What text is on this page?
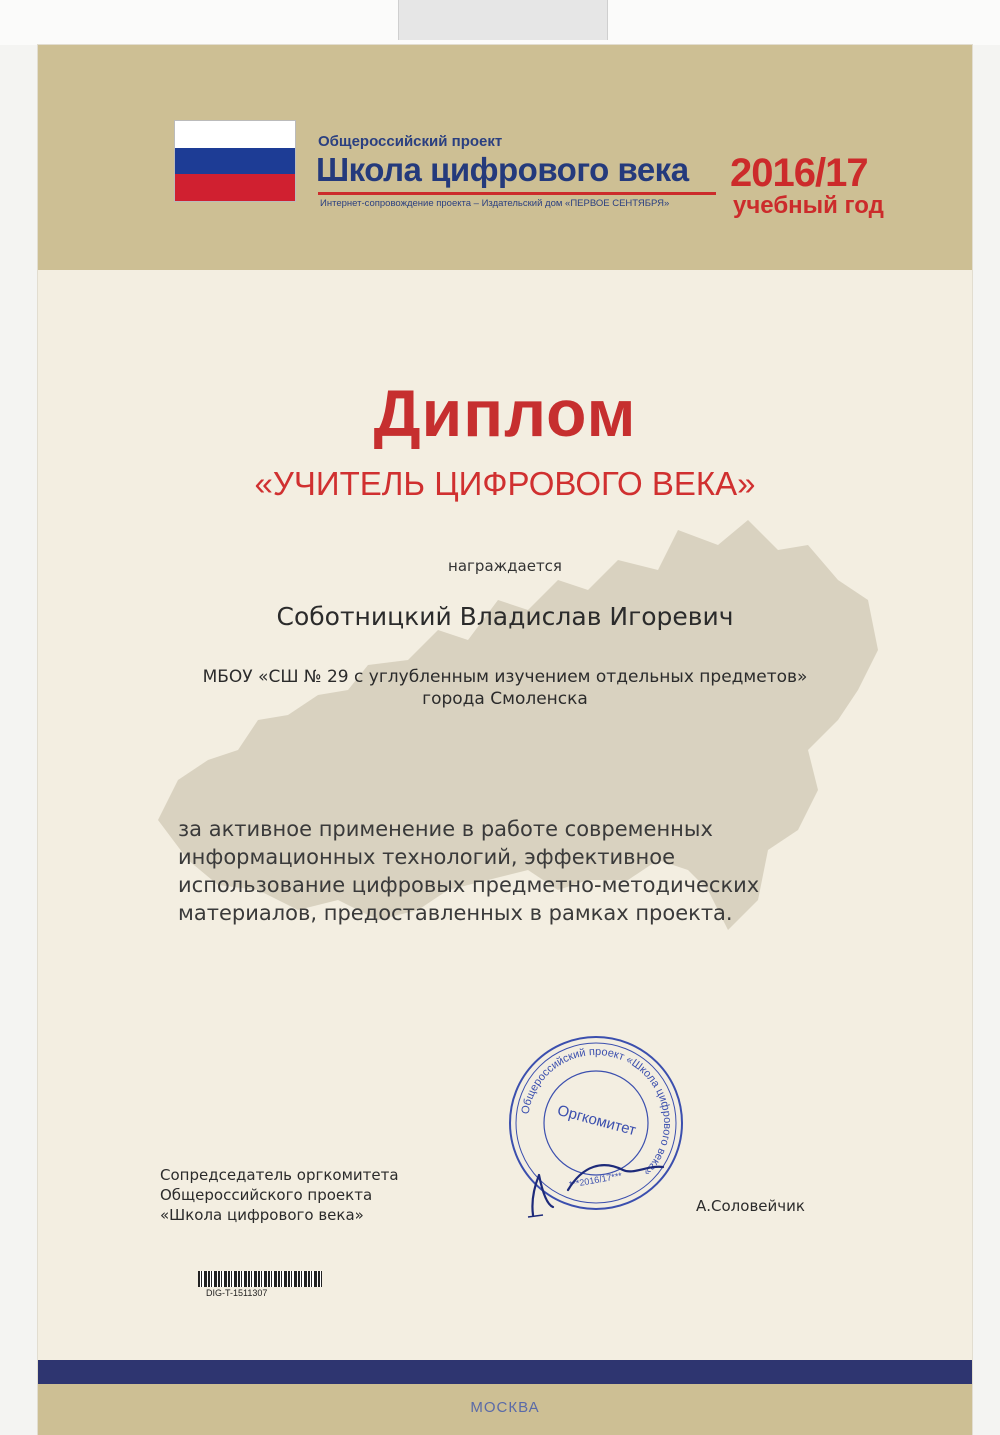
Общероссийский проект
Школа цифрового века
Интернет-сопровождение проекта – Издательский дом «ПЕРВОЕ СЕНТЯБРЯ»
2016/17
учебный год
Диплом
«УЧИТЕЛЬ ЦИФРОВОГО ВЕКА»
награждается
Соботницкий Владислав Игоревич
МБОУ «СШ № 29 с углубленным изучением отдельных предметов»
города Смоленска
за активное применение в работе современных
информационных технологий, эффективное
использование цифровых предметно-методических
материалов, предоставленных в рамках проекта.
Сопредседатель оргкомитета
Общероссийского проекта
«Школа цифрового века»
Общероссийский проект «Школа цифрового века»
Оргкомитет
***2016/17***
А.Соловейчик
DIG-T-1511307
МОСКВА
